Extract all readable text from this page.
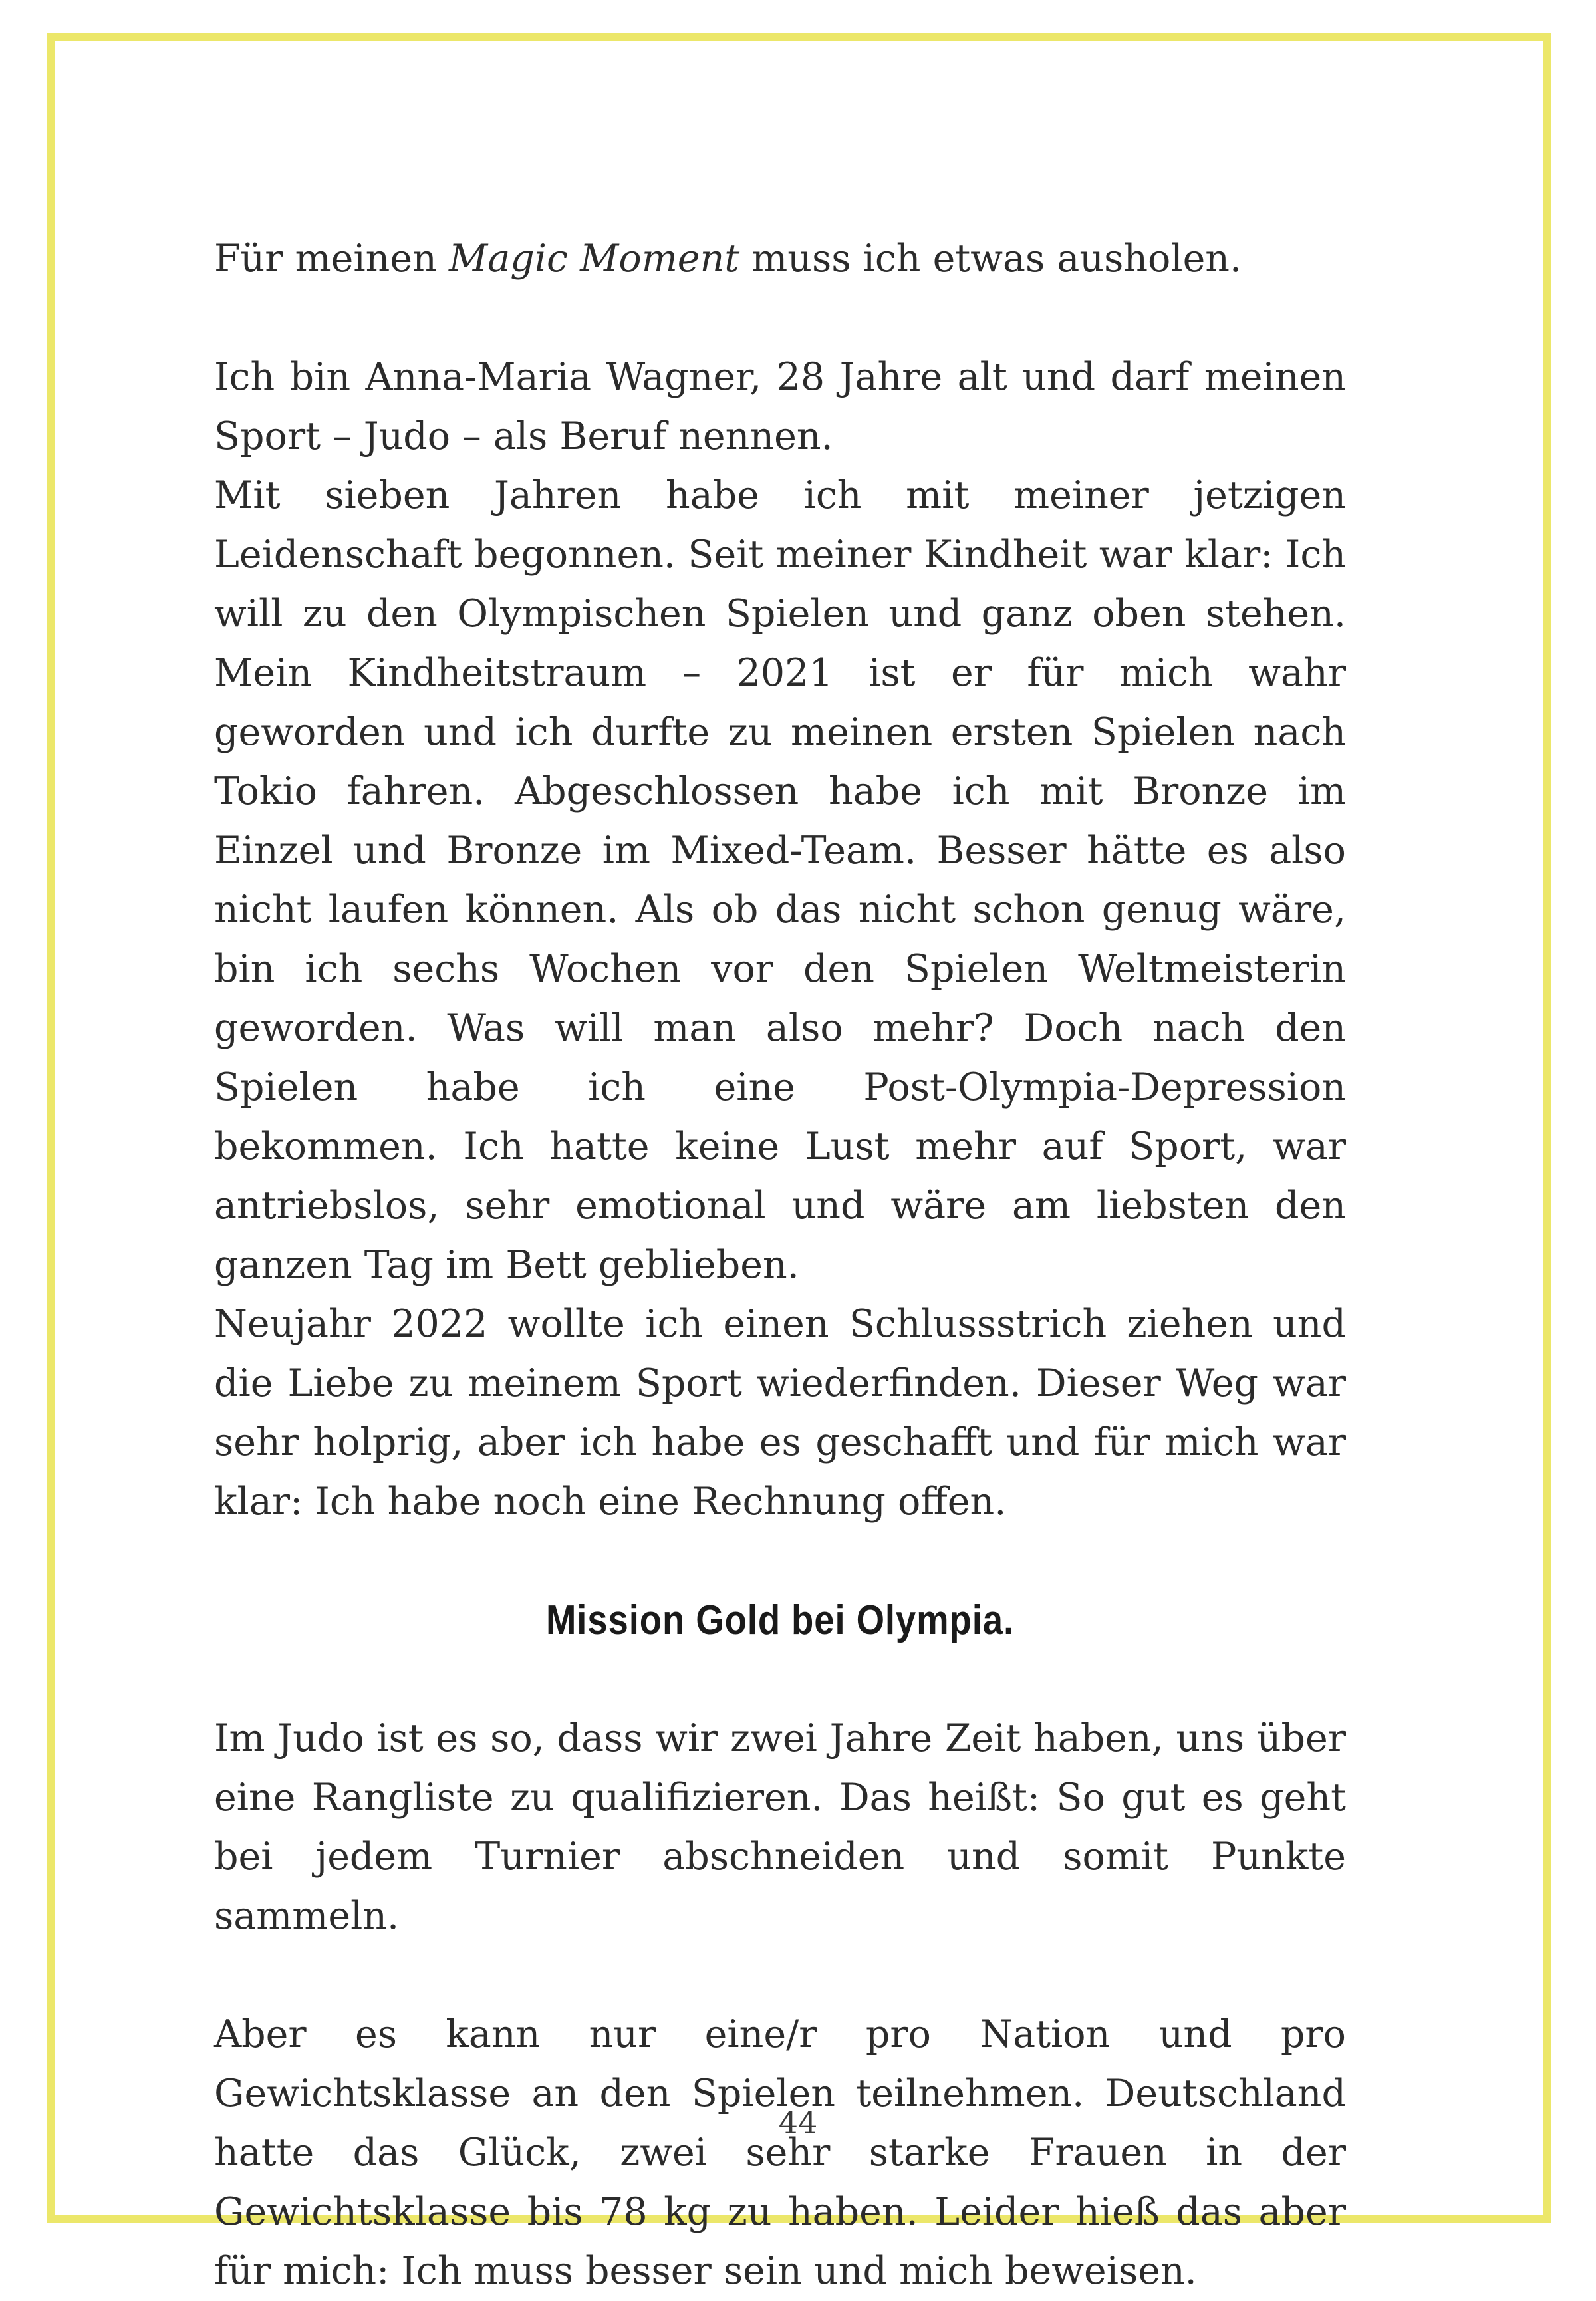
Für meinen Magic Moment muss ich etwas ausholen.

Ich bin Anna-Maria Wagner, 28 Jahre alt und darf meinen Sport – Judo – als Beruf nennen.

Mit sieben Jahren habe ich mit meiner jetzigen Leidenschaft begonnen. Seit meiner Kindheit war klar: Ich will zu den Olympischen Spielen und ganz oben stehen. Mein Kindheitstraum – 2021 ist er für mich wahr geworden und ich durfte zu meinen ersten Spielen nach Tokio fahren. Abgeschlossen habe ich mit Bronze im Einzel und Bronze im Mixed-Team. Besser hätte es also nicht laufen können. Als ob das nicht schon genug wäre, bin ich sechs Wochen vor den Spielen Weltmeisterin geworden. Was will man also mehr? Doch nach den Spielen habe ich eine Post-Olympia-Depression bekommen. Ich hatte keine Lust mehr auf Sport, war antriebslos, sehr emotional und wäre am liebsten den ganzen Tag im Bett geblieben.

Neujahr 2022 wollte ich einen Schlussstrich ziehen und die Liebe zu meinem Sport wiederfinden. Dieser Weg war sehr holprig, aber ich habe es geschafft und für mich war klar: Ich habe noch eine Rechnung offen.

Mission Gold bei Olympia.

Im Judo ist es so, dass wir zwei Jahre Zeit haben, uns über eine Rangliste zu qualifizieren. Das heißt: So gut es geht bei jedem Turnier abschneiden und somit Punkte sammeln.

Aber es kann nur eine/r pro Nation und pro Gewichtsklasse an den Spielen teilnehmen. Deutschland hatte das Glück, zwei sehr starke Frauen in der Gewichtsklasse bis 78 kg zu haben. Leider hieß das aber für mich: Ich muss besser sein und mich beweisen.

44
